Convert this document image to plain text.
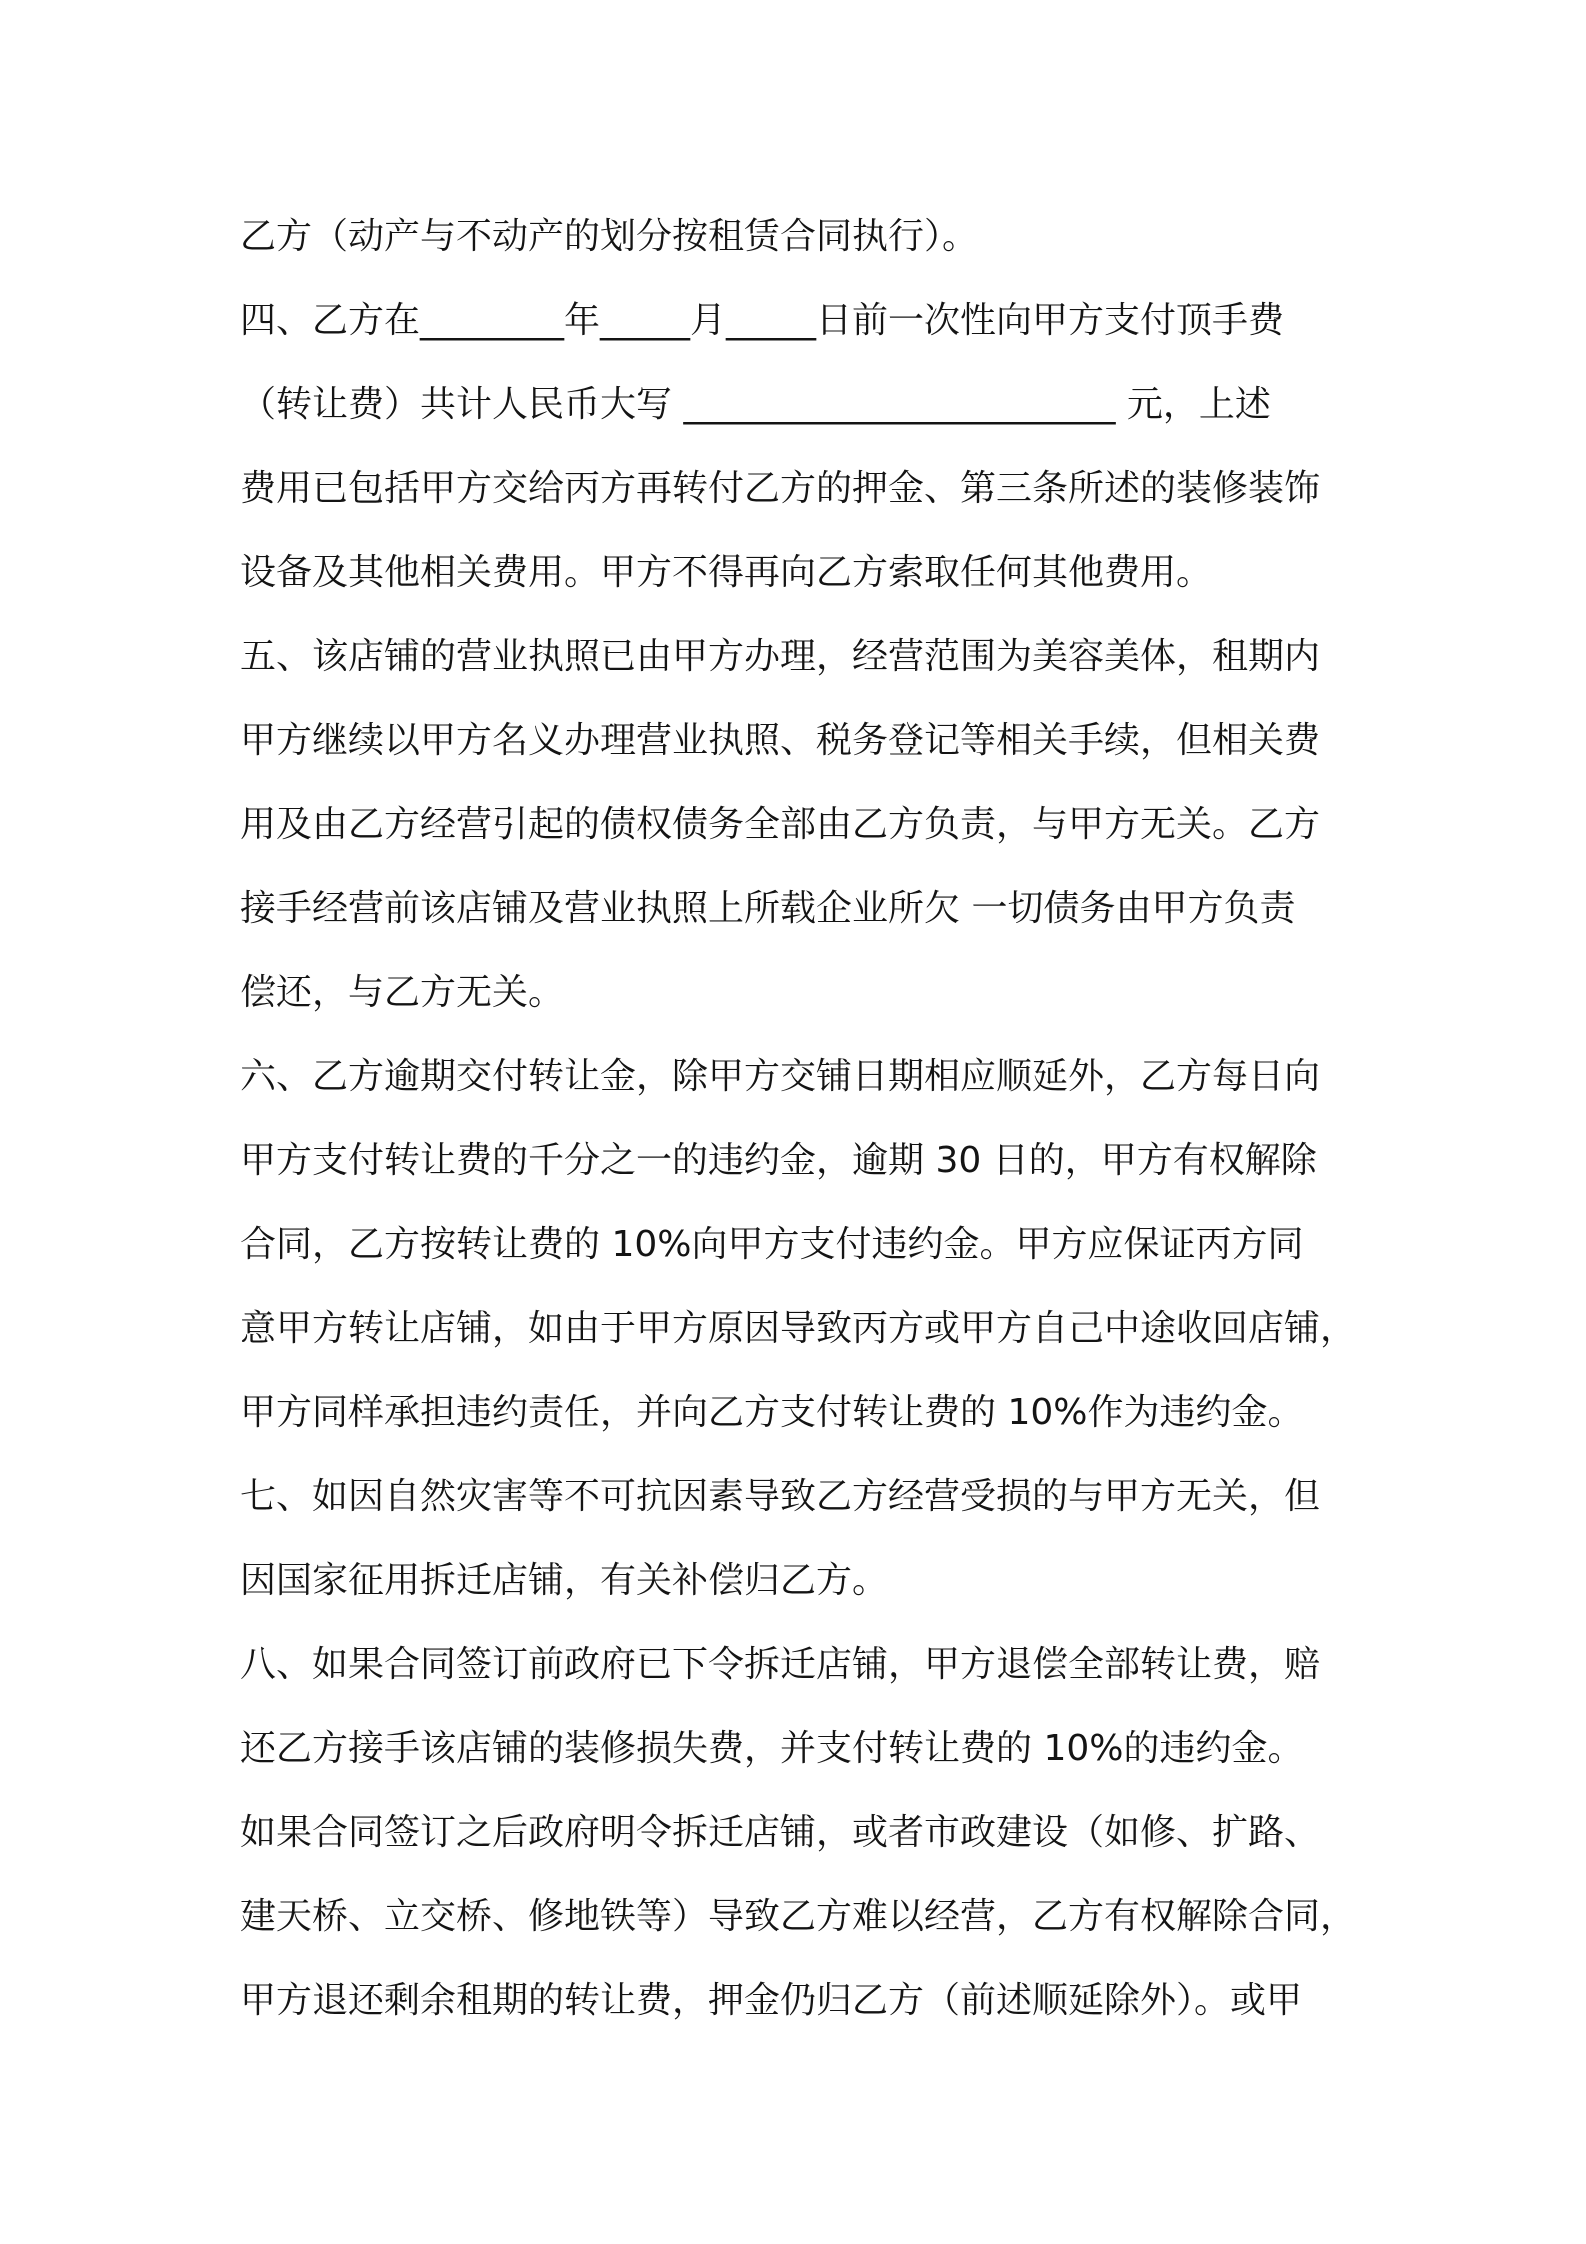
乙方（动产与不动产的划分按租赁合同执行）。
四、乙方在________年_____月_____日前一次性向甲方支付顶手费
（转让费）共计人民币大写 ________________________ 元，上述
费用已包括甲方交给丙方再转付乙方的押金、第三条所述的装修装饰
设备及其他相关费用。甲方不得再向乙方索取任何其他费用。
五、该店铺的营业执照已由甲方办理，经营范围为美容美体，租期内
甲方继续以甲方名义办理营业执照、税务登记等相关手续，但相关费
用及由乙方经营引起的债权债务全部由乙方负责，与甲方无关。乙方
接手经营前该店铺及营业执照上所载企业所欠 一切债务由甲方负责
偿还，与乙方无关。
六、乙方逾期交付转让金，除甲方交铺日期相应顺延外，乙方每日向
甲方支付转让费的千分之一的违约金，逾期 30 日的，甲方有权解除
合同，乙方按转让费的 10%向甲方支付违约金。甲方应保证丙方同
意甲方转让店铺，如由于甲方原因导致丙方或甲方自己中途收回店铺，
甲方同样承担违约责任，并向乙方支付转让费的 10%作为违约金。
七、如因自然灾害等不可抗因素导致乙方经营受损的与甲方无关，但
因国家征用拆迁店铺，有关补偿归乙方。
八、如果合同签订前政府已下令拆迁店铺，甲方退偿全部转让费，赔
还乙方接手该店铺的装修损失费，并支付转让费的 10%的违约金。
如果合同签订之后政府明令拆迁店铺，或者市政建设（如修、扩路、
建天桥、立交桥、修地铁等）导致乙方难以经营，乙方有权解除合同，
甲方退还剩余租期的转让费，押金仍归乙方（前述顺延除外）。或甲
